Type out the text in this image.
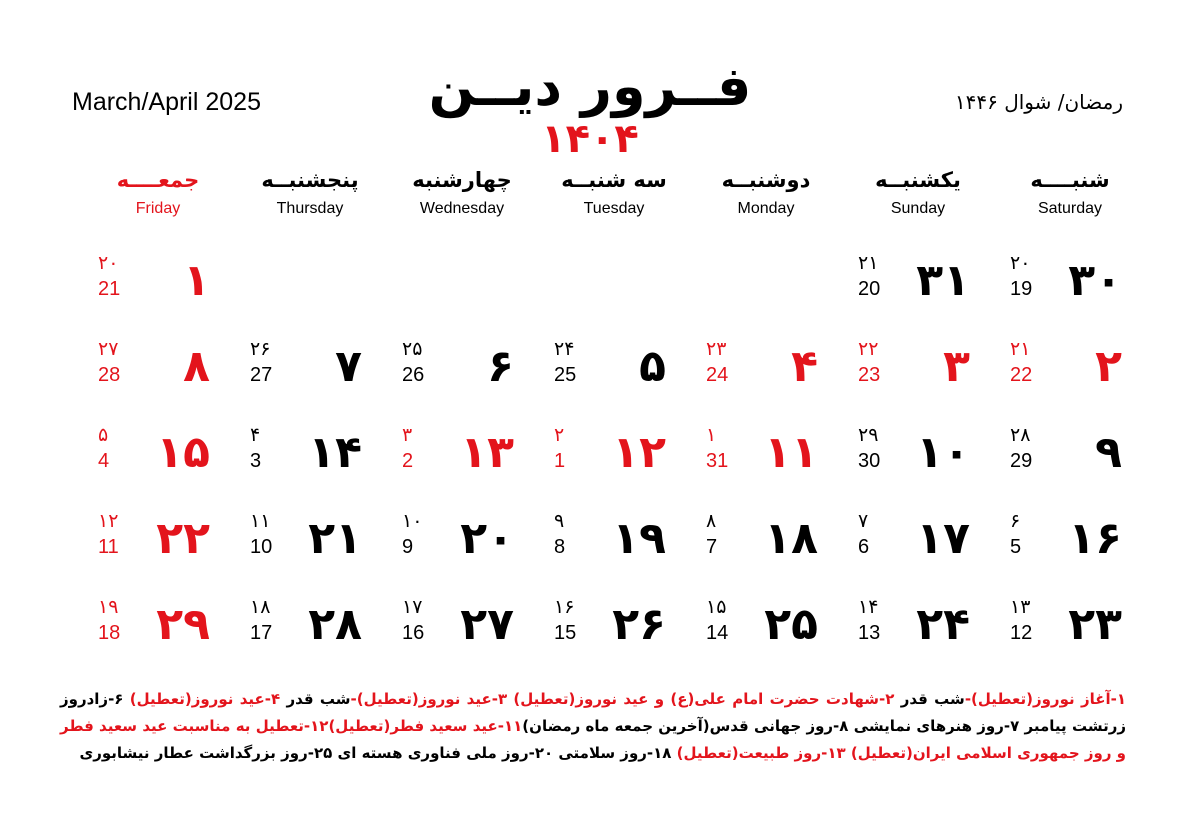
March/April 2025	فــرور دیــن
۱۴۰۴
رمضان/ شوال ۱۴۴۶
شنبــــه
Saturday
یکشنبــه
Sunday
دوشنبــه
Monday
سه شنبــه
Tuesday
چهارشنبه
Wednesday
پنجشنبــه
Thursday
جمعــــه
Friday
۳۰
۲۰
19
۳۱
۲۱
20
۱
۲۰
21
۲
۲۱
22
۳
۲۲
23
۴
۲۳
24
۵
۲۴
25
۶
۲۵
26
۷
۲۶
27
۸
۲۷
28
۹
۲۸
29
۱۰
۲۹
30
۱۱
۱
31
۱۲
۲
1
۱۳
۳
2
۱۴
۴
3
۱۵
۵
4
۱۶
۶
5
۱۷
۷
6
۱۸
۸
7
۱۹
۹
8
۲۰
۱۰
9
۲۱
۱۱
10
۲۲
۱۲
11
۲۳
۱۳
12
۲۴
۱۴
13
۲۵
۱۵
14
۲۶
۱۶
15
۲۷
۱۷
16
۲۸
۱۸
17
۲۹
۱۹
18
۱-آغاز نوروز(تعطیل)-شب قدر ۲-شهادت حضرت امام علی(ع) و عید نوروز(تعطیل) ۳-عید نوروز(تعطیل)-شب قدر ۴-عید نوروز(تعطیل) ۶-زادروز زرتشت پیامبر ۷-روز هنرهای نمایشی ۸-روز جهانی قدس(آخرین جمعه ماه رمضان)۱۱-عید سعید فطر(تعطیل)۱۲-تعطیل به مناسبت عید سعید فطر و روز جمهوری اسلامی ایران(تعطیل) ۱۳-روز طبیعت(تعطیل) ۱۸-روز سلامتی ۲۰-روز ملی فناوری هسته ای ۲۵-روز بزرگداشت عطار نیشابوری
